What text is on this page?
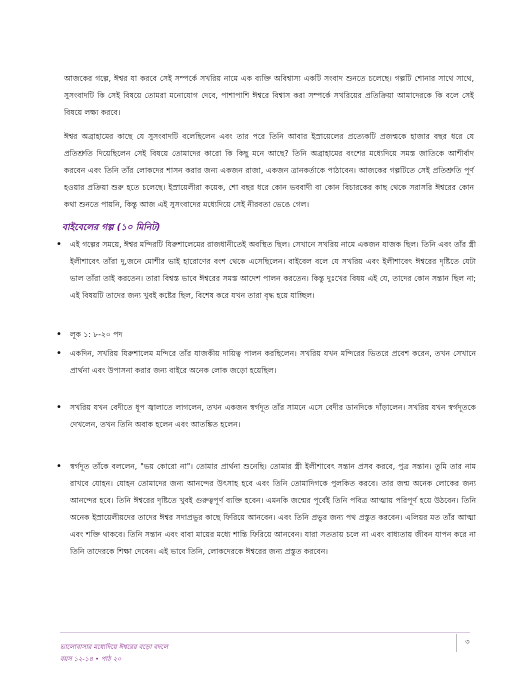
আজকের গল্পে, ঈশ্বর যা করবে সেই সম্পর্কে সখরিয় নামে এক ব্যক্তি অবিশ্বাস্য একটি সংবাদ শুনতে চলেছে। গল্পটি শোনার সাথে সাথে, সুসংবাদটি কি সেই বিষয়ে তোমরা মনোযোগ দেবে, পাশাপাশি ঈশ্বরে বিশ্বাস করা সম্পর্কে সখরিয়ের প্রতিক্রিয়া আমাদেরকে কি বলে সেই বিষয়ে লক্ষ্য করবে।

ঈশ্বর অব্রাহামের কাছে যে সুসংবাদটি বলেছিলেন এবং তার পরে তিনি আবার ইস্রায়েলের প্রত্যেকটি প্রজন্মকে হাজার বছর ধরে যে প্রতিশ্রুতি দিয়েছিলেন সেই বিষয়ে তোমাদের কারো কি কিছু মনে আছে? তিনি অব্রাহামের বংশের মধ্যেদিয়ে সমস্ত জাতিকে আশীর্বাদ করবেন এবং তিনি তাঁর লোকদের শাসন করার জন্য একজন রাজা, একজন ত্রানকর্তাকে পাঠাবেন। আজকের গল্পটিতে সেই প্রতিশ্রুতি পূর্ণ হওয়ার প্রক্রিয়া শুরু হতে চলেছে। ইস্রায়েলীরা কয়েক, শো বছর ধরে কোন ভববাদী বা কোন বিচারকের কাছ থেকে সরাসরি ঈশ্বরের কোন কথা শুনতে পায়নি, কিন্তু আজ এই সুসংবাদের মধ্যেদিয়ে সেই নীরবতা ভেঙে গেল।

বাইবেলের গল্প (১০ মিনিট)
• এই গল্পের সময়ে, ঈশ্বর মন্দিরটি যিরুশালেমের রাজধানীতেই অবস্থিত ছিল। সেখানে সখরিয় নামে একজন যাজক ছিল। তিনি এবং তাঁর স্ত্রী ইলীশাবেৎ তাঁরা দু,জনে মোশীর ভাই হারোণের বংশ থেকে এসেছিলেন। বাইবেল বলে যে সখরিয় এবং ইলীশাবেৎ ঈশ্বরের দৃষ্টিতে যেটা ভাল তাঁরা তাই করতেন। তারা বিশ্বস্ত ভাবে ঈশ্বরের সমস্ত আদেশ পালন করতেন। কিন্তু দুঃখের বিষয় এই যে, তাদের কোন সন্তান ছিল না; এই বিষয়টি তাদের জন্য খুবই কষ্টের ছিল, বিশেষ করে যখন তারা বৃদ্ধ হয়ে যাচ্ছিল।
• লূক ১: ৮-২০ পদ
• একদিন, সখরিয় যিরুশালেম মন্দিরে তাঁর যাজকীয় দায়িত্ব পালন করছিলেন। সখরিয় যখন মন্দিরের ভিতরে প্রবেশ করেন, তখন সেখানে প্রার্থনা এবং উপাসনা করার জন্য বাইরে অনেক লোক জড়ো হয়েছিল।
• সখরিয় যখন বেদীতে ধূপ জ্বালাতে লাগলেন, তখন একজন স্বর্গদূত তাঁর সামনে এসে বেদীর ডানদিকে দাঁড়ালেন। সখরিয় যখন স্বর্গদূতকে দেখলেন, তখন তিনি অবাক হলেন এবং আতঙ্কিত হলেন।
• স্বর্গদূত তাঁকে বললেন, "ভয় কোরো না"। তোমার প্রার্থনা শুনেছি। তোমার স্ত্রী ইলীশাবেৎ সন্তান প্রসব করবে, পুত্র সন্তান। তুমি তার নাম রাখবে যোহন। যোহন তোমাদের জন্য আনন্দের উৎসাহ হবে এবং তিনি তোমাদিগকে পুলকিত করবে। তার জন্ম অনেক লোকের জন্য আনন্দের হবে। তিনি ঈশ্বরের দৃষ্টিতে খুবই গুরুত্বপূর্ণ ব্যক্তি হবেন। এমনকি জন্মের পূর্বেই তিনি পবিত্র আত্মায় পরিপূর্ণ হয়ে উঠবেন। তিনি অনেক ইস্রায়েলীয়দের তাদের ঈশ্বর সদাপ্রভুর কাছে ফিরিয়ে আনবেন। এবং তিনি প্রভুর জন্য পথ প্রস্তুত করবেন। এলিয়র মত তাঁর আত্মা এবং শক্তি থাকবে। তিনি সন্তান এবং বাবা মায়ের মধ্যে শান্তি ফিরিয়ে আনবেন। যারা সততায় চলে না এবং বাধ্যতায় জীবন যাপন করে না তিনি তাদেরকে শিক্ষা দেবেন। এই ভাবে তিনি, লোকদেরকে ঈশ্বরের জন্য প্রস্তুত করবেন।
ভালোবাসার মধ্যেদিয়ে ঈশ্বরের বড়ো বদলে
বয়স ১২-১৪ • পাঠ ২০
৩
